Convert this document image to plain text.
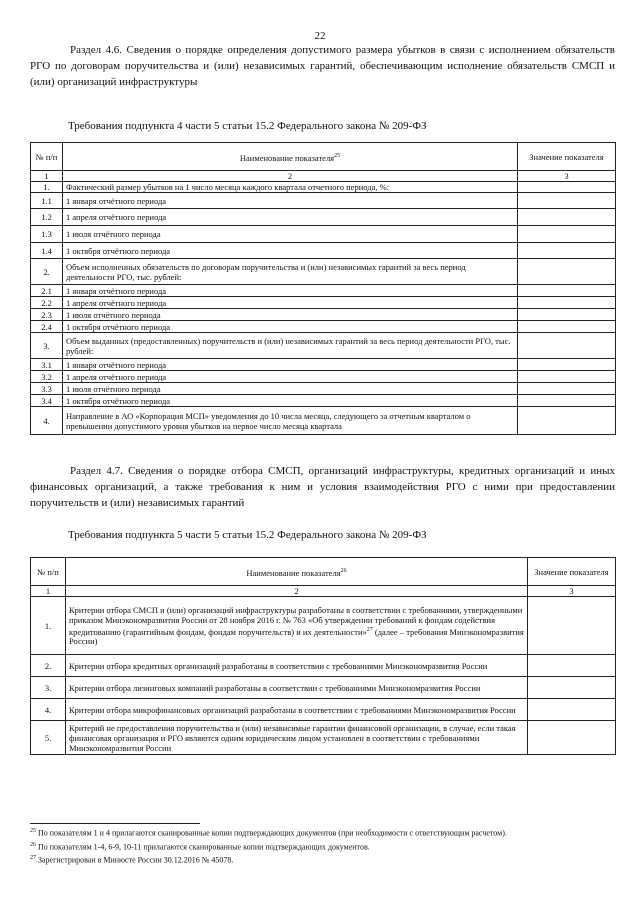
22

Раздел 4.6. Сведения о порядке определения допустимого размера убытков в связи с исполнением обязательств РГО по договорам поручительства и (или) независимых гарантий, обеспечивающим исполнение обязательств СМСП и (или) организаций инфраструктуры

Требования подпункта 4 части 5 статьи 15.2 Федерального закона № 209-ФЗ
№ п/п	Наименование показателя$^{25}$	Значение показателя
1	2	3
1.	Фактический размер убытков на 1 число месяца каждого квартала отчетного периода, %:	
1.1	1 января отчётного периода	
1.2	1 апреля отчётного периода	
1.3	1 июля отчётного периода	
1.4	1 октября отчётного периода	
2.	Объем исполненных обязательств по договорам поручительства и (или) независимых гарантий за весь период деятельности РГО, тыс. рублей:	
2.1	1 января отчётного периода	
2.2	1 апреля отчётного периода	
2.3	1 июля отчётного периода	
2.4	1 октября отчётного периода	
3.	Объем выданных (предоставленных) поручительств и (или) независимых гарантий за весь период деятельности РГО, тыс. рублей:	
3.1	1 января отчётного периода	
3.2	1 апреля отчётного периода	
3.3	1 июля отчётного периода	
3.4	1 октября отчётного периода	
4.	Направление в АО «Корпорация МСП» уведомления до 10 числа месяца, следующего за отчетным кварталом о превышении допустимого уровня убытков на первое число месяца квартала	

Раздел 4.7. Сведения о порядке отбора СМСП, организаций инфраструктуры, кредитных организаций и иных финансовых организаций, а также требования к ним и условия взаимодействия РГО с ними при предоставлении поручительств и (или) независимых гарантий

Требования подпункта 5 части 5 статьи 15.2 Федерального закона № 209-ФЗ
№ п/п	Наименование показателя$^{26}$	Значение показателя
1	2	3
1.	Критерии отбора СМСП и (или) организаций инфраструктуры разработаны в соответствии с требованиями, утвержденными приказом Минэкономразвития России от 28 ноября 2016 г. № 763 «Об утверждении требований к фондам содействия кредитованию (гарантийным фондам, фондам поручительств) и их деятельности»$^{27}$ (далее – требования Минэкономразвития России)	
2.	Критерии отбора кредитных организаций разработаны в соответствии с требованиями Минэкономразвития России	
3.	Критерии отбора лизинговых компаний разработаны в соответствии с требованиями Минэкономразвития России	
4.	Критерии отбора микрофинансовых организаций разработаны в соответствии с требованиями Минэкономразвития России	
5.	Критерий не предоставления поручительства и (или) независимые гарантии финансовой организации, в случае, если такая финансовая организация и РГО являются одним юридическим лицом установлен в соответствии с требованиями Минэкономразвития России	
$^{25}$ По показателям 1 и 4 прилагаются сканированные копии подтверждающих документов (при необходимости с ответствующим расчетом).
$^{26}$ По показателям 1-4, 6-9, 10-11 прилагаются сканированные копии подтверждающих документов.
$^{27}$ Зарегистрирован в Минюсте России 30.12.2016 № 45078.
